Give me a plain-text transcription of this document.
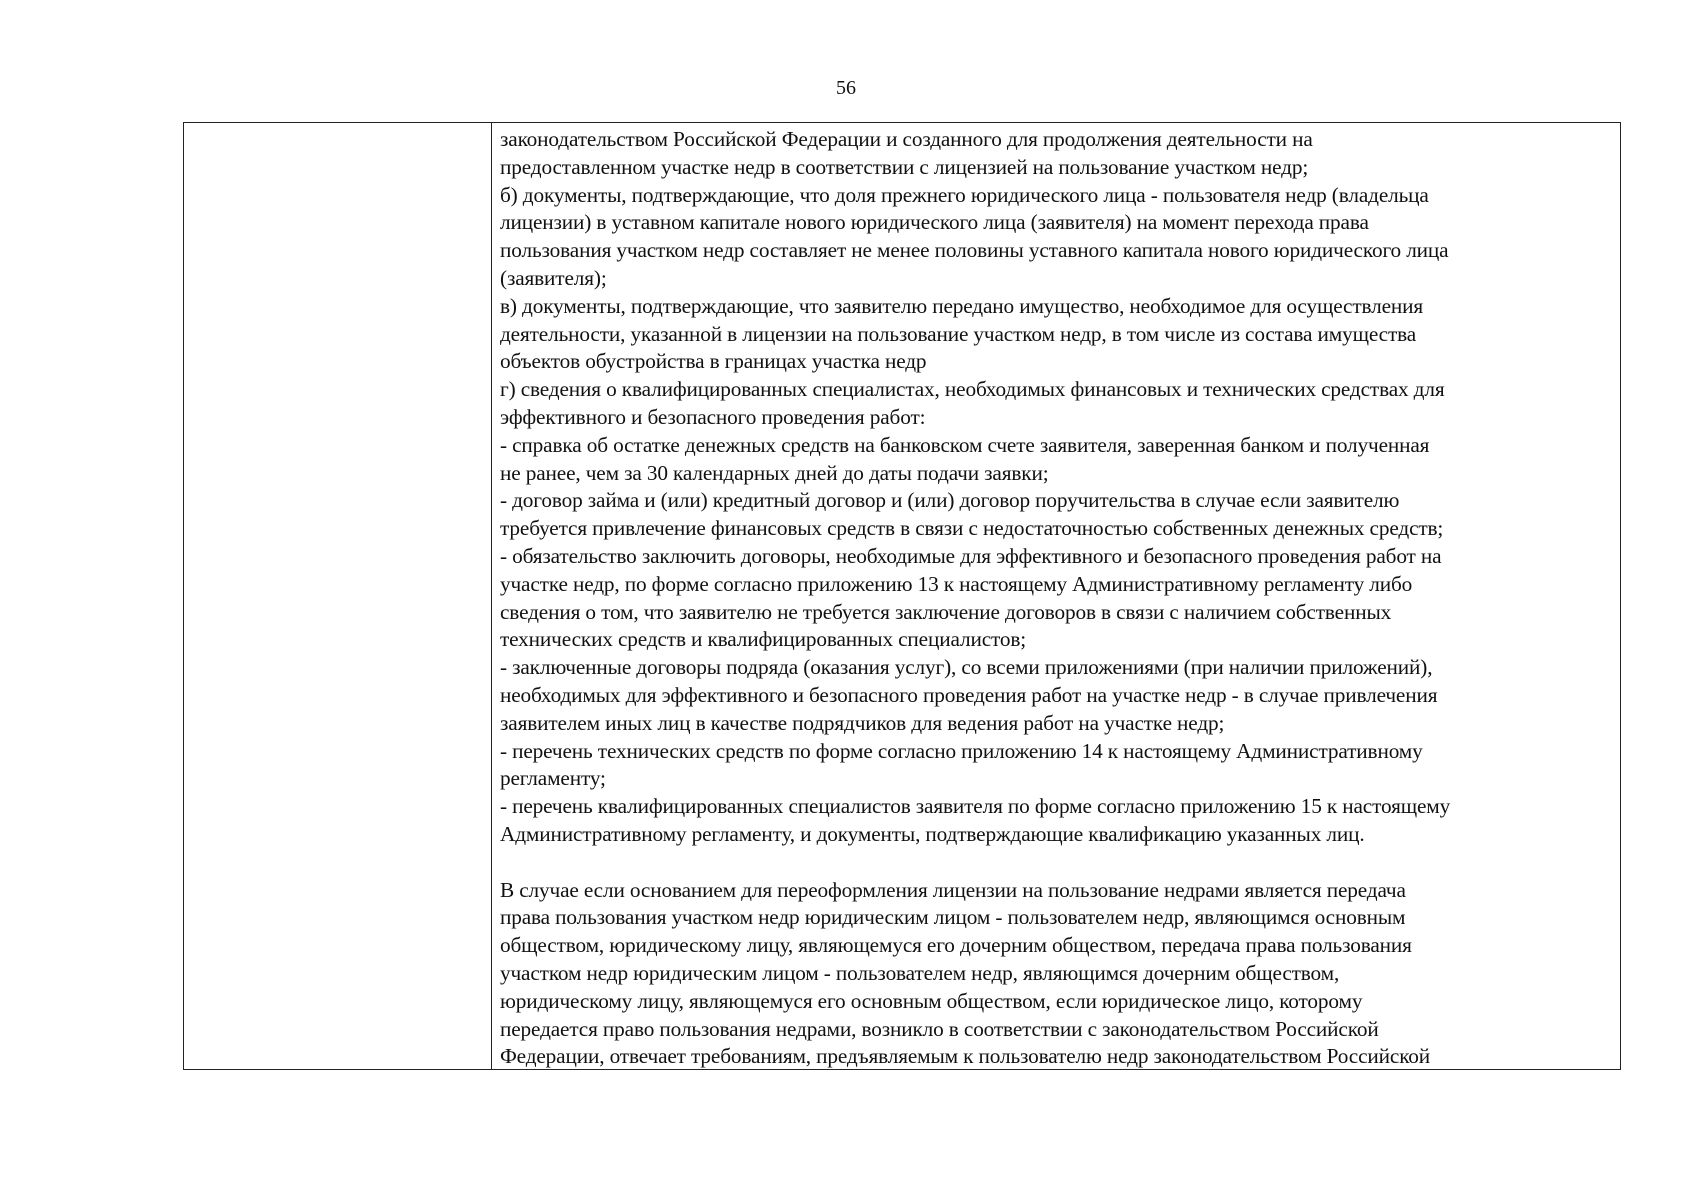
56
законодательством Российской Федерации и созданного для продолжения деятельности на
предоставленном участке недр в соответствии с лицензией на пользование участком недр;
б) документы, подтверждающие, что доля прежнего юридического лица - пользователя недр (владельца
лицензии) в уставном капитале нового юридического лица (заявителя) на момент перехода права
пользования участком недр составляет не менее половины уставного капитала нового юридического лица
(заявителя);
в) документы, подтверждающие, что заявителю передано имущество, необходимое для осуществления
деятельности, указанной в лицензии на пользование участком недр, в том числе из состава имущества
объектов обустройства в границах участка недр
г) сведения о квалифицированных специалистах, необходимых финансовых и технических средствах для
эффективного и безопасного проведения работ:
- справка об остатке денежных средств на банковском счете заявителя, заверенная банком и полученная
не ранее, чем за 30 календарных дней до даты подачи заявки;
- договор займа и (или) кредитный договор и (или) договор поручительства в случае если заявителю
требуется привлечение финансовых средств в связи с недостаточностью собственных денежных средств;
- обязательство заключить договоры, необходимые для эффективного и безопасного проведения работ на
участке недр, по форме согласно приложению 13 к настоящему Административному регламенту либо
сведения о том, что заявителю не требуется заключение договоров в связи с наличием собственных
технических средств и квалифицированных специалистов;
- заключенные договоры подряда (оказания услуг), со всеми приложениями (при наличии приложений),
необходимых для эффективного и безопасного проведения работ на участке недр - в случае привлечения
заявителем иных лиц в качестве подрядчиков для ведения работ на участке недр;
- перечень технических средств по форме согласно приложению 14 к настоящему Административному
регламенту;
- перечень квалифицированных специалистов заявителя по форме согласно приложению 15 к настоящему
Административному регламенту, и документы, подтверждающие квалификацию указанных лиц.
В случае если основанием для переоформления лицензии на пользование недрами является передача
права пользования участком недр юридическим лицом - пользователем недр, являющимся основным
обществом, юридическому лицу, являющемуся его дочерним обществом, передача права пользования
участком недр юридическим лицом - пользователем недр, являющимся дочерним обществом,
юридическому лицу, являющемуся его основным обществом, если юридическое лицо, которому
передается право пользования недрами, возникло в соответствии с законодательством Российской
Федерации, отвечает требованиям, предъявляемым к пользователю недр законодательством Российской
